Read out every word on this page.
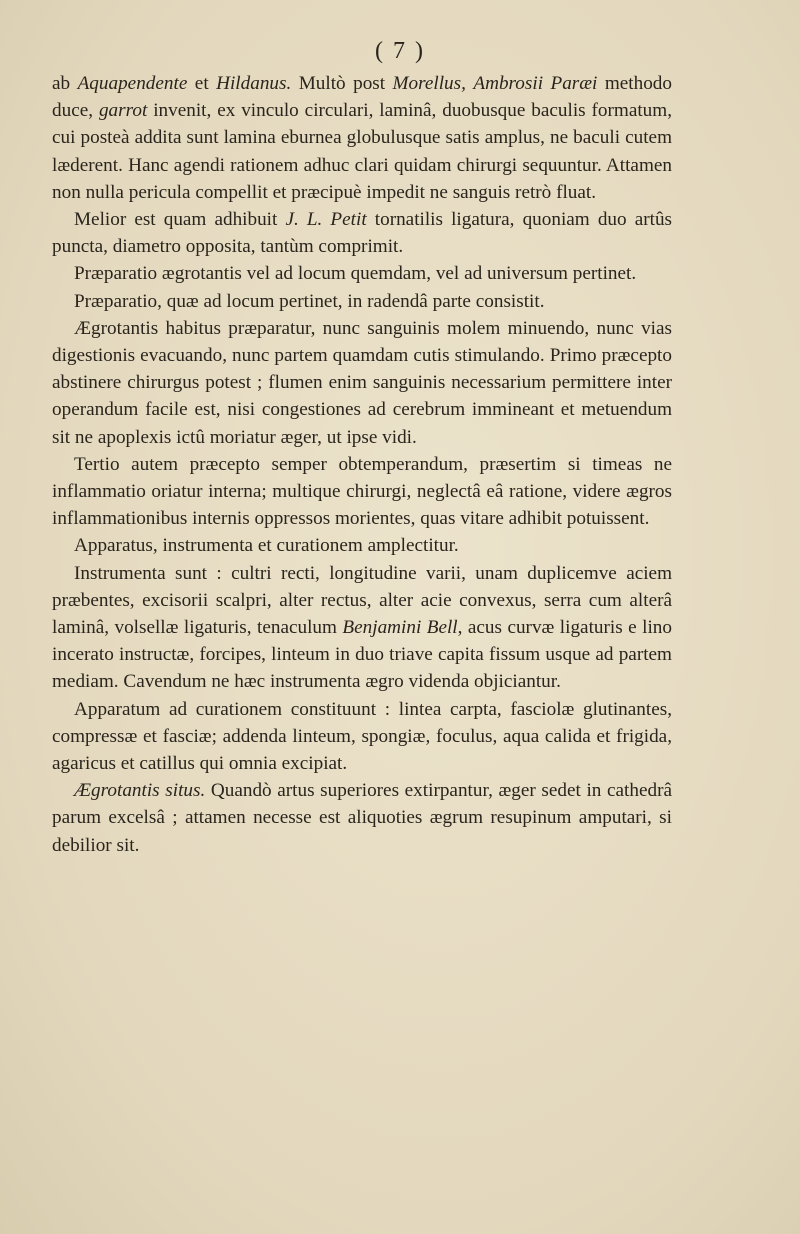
( 7 )

ab Aquapendente et Hildanus. Multò post Morellus, Ambrosii Paræi methodo duce, garrot invenit, ex vinculo circulari, laminâ, duobusque baculis formatum, cui posteà addita sunt lamina eburnea globulusque satis amplus, ne baculi cutem læderent. Hanc agendi rationem adhuc clari quidam chirurgi sequuntur. Attamen non nulla pericula compellit et præcipuè impedit ne sanguis retrò fluat.

Melior est quam adhibuit J. L. Petit tornatilis ligatura, quoniam duo artûs puncta, diametro opposita, tantùm comprimit.

Præparatio ægrotantis vel ad locum quemdam, vel ad universum pertinet.

Præparatio, quæ ad locum pertinet, in radendâ parte consistit.

Ægrotantis habitus præparatur, nunc sanguinis molem minuendo, nunc vias digestionis evacuando, nunc partem quamdam cutis stimulando. Primo præcepto abstinere chirurgus potest ; flumen enim sanguinis necessarium permittere inter operandum facile est, nisi congestiones ad cerebrum immineant et metuendum sit ne apoplexis ictû moriatur æger, ut ipse vidi.

Tertio autem præcepto semper obtemperandum, præsertim si timeas ne inflammatio oriatur interna; multique chirurgi, neglectâ eâ ratione, videre ægros inflammationibus internis oppressos morientes, quas vitare adhibit potuissent.

Apparatus, instrumenta et curationem amplectitur.

Instrumenta sunt : cultri recti, longitudine varii, unam duplicemve aciem præbentes, excisorii scalpri, alter rectus, alter acie convexus, serra cum alterâ laminâ, volsellæ ligaturis, tenaculum Benjamini Bell, acus curvæ ligaturis e lino incerato instructæ, forcipes, linteum in duo triave capita fissum usque ad partem mediam. Cavendum ne hæc instrumenta ægro videnda objiciantur.

Apparatum ad curationem constituunt : lintea carpta, fasciolæ glutinantes, compressæ et fasciæ; addenda linteum, spongiæ, foculus, aqua calida et frigida, agaricus et catillus qui omnia excipiat.

Ægrotantis situs. Quandò artus superiores extirpantur, æger sedet in cathedrâ parum excelsâ ; attamen necesse est aliquoties ægrum resupinum amputari, si debilior sit.
